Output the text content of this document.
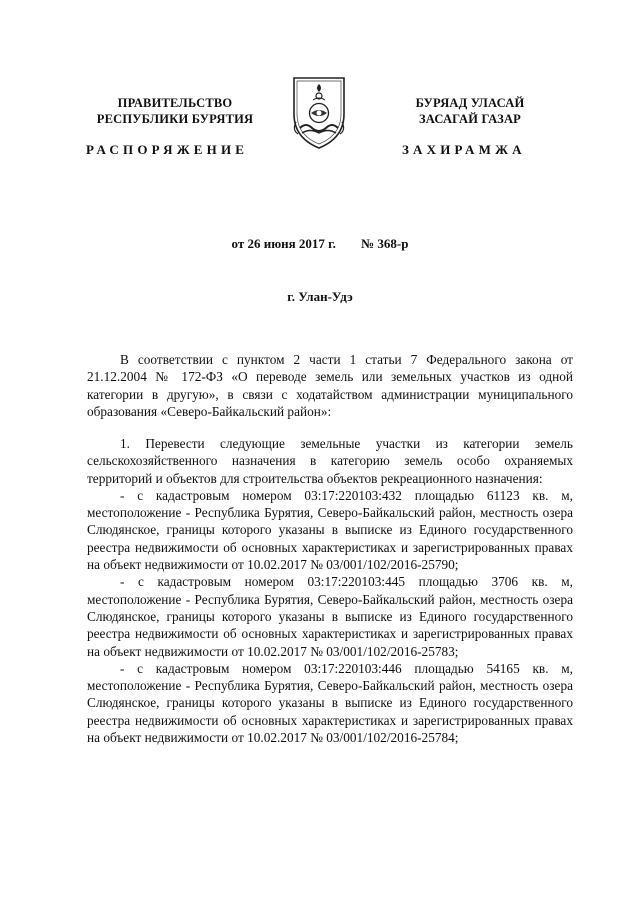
ПРАВИТЕЛЬСТВО
РЕСПУБЛИКИ БУРЯТИЯ
БУРЯАД УЛАСАЙ
ЗАСАГАЙ ГАЗАР
РАСПОРЯЖЕНИЕ	ЗАХИРАМЖА
от 26 июня 2017 г. № 368-р
г. Улан-Удэ

В соответствии с пунктом 2 части 1 статьи 7 Федерального закона от 21.12.2004 № 172-ФЗ «О переводе земель или земельных участков из одной категории в другую», в связи с ходатайством администрации муниципального образования «Северо-Байкальский район»:

1. Перевести следующие земельные участки из категории земель сельскохозяйственного назначения в категорию земель особо охраняемых территорий и объектов для строительства объектов рекреационного назначения:

- с кадастровым номером 03:17:220103:432 площадью 61123 кв. м, местоположение - Республика Бурятия, Северо-Байкальский район, местность озера Слюдянское, границы которого указаны в выписке из Единого государственного реестра недвижимости об основных характеристиках и зарегистрированных правах на объект недвижимости от 10.02.2017 № 03/001/102/2016-25790;

- с кадастровым номером 03:17:220103:445 площадью 3706 кв. м, местоположение - Республика Бурятия, Северо-Байкальский район, местность озера Слюдянское, границы которого указаны в выписке из Единого государственного реестра недвижимости об основных характеристиках и зарегистрированных правах на объект недвижимости от 10.02.2017 № 03/001/102/2016-25783;

- с кадастровым номером 03:17:220103:446 площадью 54165 кв. м, местоположение - Республика Бурятия, Северо-Байкальский район, местность озера Слюдянское, границы которого указаны в выписке из Единого государственного реестра недвижимости об основных характеристиках и зарегистрированных правах на объект недвижимости от 10.02.2017 № 03/001/102/2016-25784;
